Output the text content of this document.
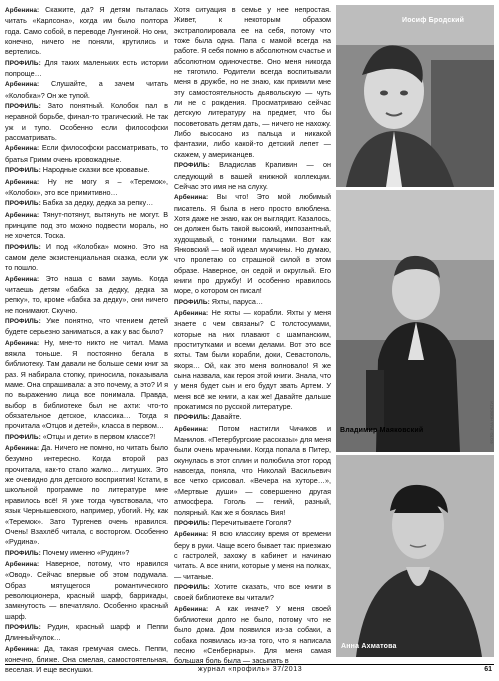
Арбенина: Скажите, да? Я детям пыталась читать «Карлсона», когда им было полтора года. Само собой, в переводе Лунгиной. Но они, конечно, ничего не поняли, крутились и вертелись.

ПРОФИЛЬ: Для таких маленьких есть истории попроще…

Арбенина: Слушайте, а зачем читать «Колобка»? Он же тупой.

ПРОФИЛЬ: Зато понятный. Колобок пал в неравной борьбе, финал-то трагический. Не так уж и тупо. Особенно если философски рассматривать.

Арбенина: Если философски рассматривать, то братья Гримм очень кровожадные.

ПРОФИЛЬ: Народные сказки все кровавые.

Арбенина: Ну не могу я – «Теремок», «Колобок», это все примитивно…

ПРОФИЛЬ: Бабка за дедку, дедка за репку…

Арбенина: Тянут-потянут, вытянуть не могут. В принципе под это можно подвести мораль, но не хочется. Тоска.

ПРОФИЛЬ: И под «Колобка» можно. Это на самом деле экзистенциальная сказка, если уж то пошло.

Арбенина: Это наша с вами заумь. Когда читаешь детям «бабка за дедку, дедка за репку», то, кроме «бабка за дедку», они ничего не понимают. Скучно.

ПРОФИЛЬ: Уже понятно, что чтением детей будете серьезно заниматься, а как у вас было?

Арбенина: Ну, мне-то никто не читал. Мама вяжла тоньше. Я постоянно бегала в библиотеку. Там давали не больше семи книг за раз. Я набирала стопку, приносила, показывала маме. Она спрашивала: а это почему, а это? И я по выражению лица все понимала. Правда, выбор в библиотеке был не ахти: что-то обязательное детское, классика… Тогда я прочитала «Отцов и детей», класса в первом…

ПРОФИЛЬ: «Отцы и дети» в первом классе?!

Арбенина: Да. Ничего не помню, но читать было безумно интересно. Когда второй раз прочитала, как-то стало жалко… литуших. Это же очевидно для детского восприятия! Кстати, в школьной программе по литературе мне нравилось всё! Я уже тогда чувствовала, что язык Чернышевского, например, убогий. Ну, как «Теремок». Зато Тургенев очень нравился. Очень! Взахлёб читала, с восторгом. Особенно «Рудина».

ПРОФИЛЬ: Почему именно «Рудин»?

Арбенина: Наверное, потому, что нравился «Овод». Сейчас впервые об этом подумала. Образ мятущегося романтического революционера, красный шарф, баррикады, замкнутость — впечатляло. Особенно красный шарф.

ПРОФИЛЬ: Рудин, красный шарф и Пеппи Длинныйчулок…

Арбенина: Да, такая гремучая смесь. Пеппи, конечно, ближе. Она смелая, самостоятельная, веселая. И еще веснушки.

Хотя ситуация в семье у нее непростая. Живет, к некоторым образом экстраполировала ее на себя, потому что тоже была одна. Папа с мамой всегда на работе. Я себя помню в абсолютном счастье и абсолютном одиночестве. Оно меня никогда не тяготило. Родители всегда воспитывали меня в дружбе, но не знаю, как привили мне эту самостоятельность дьявольскую — чуть ли не с рождения. Просматриваю сейчас детскую литературу на предмет, что бы посоветовать детям дать, — ничего не нахожу. Либо высосано из пальца и никакой фантазии, либо какой-то детский лепет — скажем, у американцев.

ПРОФИЛЬ: Владислав Крапивин — он следующий в вашей книжной коллекции. Сейчас это имя не на слуху.

Арбенина: Вы что! Это мой любимый писатель. Я была в него просто влюблена. Хотя даже не знаю, как он выглядит. Казалось, он должен быть такой высокий, импозантный, худощавый, с тонкими пальцами. Вот как Янковский — мой идеал мужчины. Но думаю, что пролетаю со страшной силой в этом образе. Наверное, он седой и округлый. Его книги про дружбу! И особенно нравилось море, о котором он писал!

ПРОФИЛЬ: Яхты, паруса…

Арбенина: Не яхты — корабли. Яхты у меня знаете с чем связаны? С толстосумами, которые на них плавают с шампанским, проститутками и всеми делами. Вот это все яхты. Там были корабли, доки, Севастополь, якоря… Ой, как это меня волновало! Я же сына назвала, как героя этой книги. Знала, что у меня будет сын и его будут звать Артем. У меня всё же книги, а как же! Давайте дальше прокатимся по русской литературе.

ПРОФИЛЬ: Давайте.

Арбенина: Потом настигли Чичиков и Манилов. «Петербургские рассказы» для меня были очень мрачными. Когда попала в Питер, окунулась в этот сплин и полюбила этот город навсегда, поняла, что Николай Васильевич все четко срисовал. «Вечера на хуторе…», «Мертвые души» — совершенно другая атмосфера. Гоголь — гений, разный, полярный. Как же я боялась Вия!

ПРОФИЛЬ: Перечитываете Гоголя?

Арбенина: Я всю классику время от времени беру в руки. Чаще всего бывает так: приезжаю с гастролей, захожу в кабинет и начинаю читать. А все книги, которые у меня на полках, — читаные.

ПРОФИЛЬ: Хотите сказать, что все книги в своей библиотеке вы читали?

Арбенина: А как иначе? У меня своей библиотеки долго не было, потому что не было дома. Дом появился из-за собаки, а собака появилась из-за того, что я написала песню «Сенбернары». Для меня самая большая боль была — засыпать в

Иосиф Бродский
Владимир Маяковский	ФОТО: РИА НОВОСТИ
Анна Ахматова
журнал «профиль» 37/2013	61
